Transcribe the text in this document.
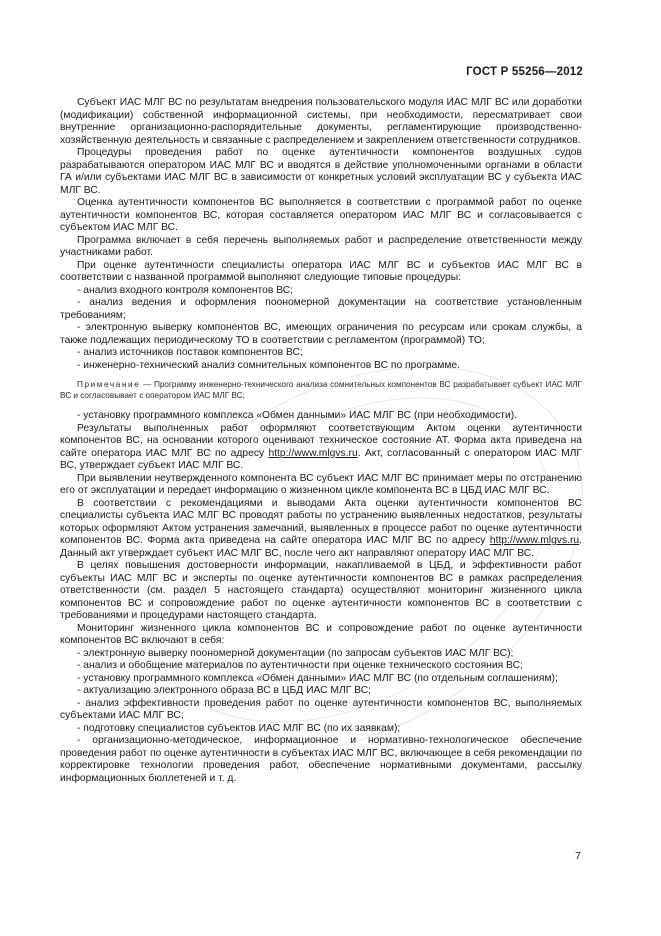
ГОСТ Р 55256—2012

Субъект ИАС МЛГ ВС по результатам внедрения пользовательского модуля ИАС МЛГ ВС или доработки (модификации) собственной информационной системы, при необходимости, пересматривает свои внутренние организационно-распорядительные документы, регламентирующие производственно-хозяйственную деятельность и связанные с распределением и закреплением ответственности сотрудников.

Процедуры проведения работ по оценке аутентичности компонентов воздушных судов разрабатываются оператором ИАС МЛГ ВС и вводятся в действие уполномоченными органами в области ГА и/или субъектами ИАС МЛГ ВС в зависимости от конкретных условий эксплуатации ВС у субъекта ИАС МЛГ ВС.

Оценка аутентичности компонентов ВС выполняется в соответствии с программой работ по оценке аутентичности компонентов ВС, которая составляется оператором ИАС МЛГ ВС и согласовывается с субъектом ИАС МЛГ ВС.

Программа включает в себя перечень выполняемых работ и распределение ответственности между участниками работ.

При оценке аутентичности специалисты оператора ИАС МЛГ ВС и субъектов ИАС МЛГ ВС в соответствии с названной программой выполняют следующие типовые процедуры:

- анализ входного контроля компонентов ВС;

- анализ ведения и оформления поономерной документации на соответствие установленным требованиям;

- электронную выверку компонентов ВС, имеющих ограничения по ресурсам или срокам службы, а также подлежащих периодическому ТО в соответствии с регламентом (программой) ТО;

- анализ источников поставок компонентов ВС;

- инженерно-технический анализ сомнительных компонентов ВС по программе.

Примечание — Программу инженерно-технического анализа сомнительных компонентов ВС разрабатывает субъект ИАС МЛГ ВС и согласовывает с оператором ИАС МЛГ ВС;

- установку программного комплекса «Обмен данными» ИАС МЛГ ВС (при необходимости).

Результаты выполненных работ оформляют соответствующим Актом оценки аутентичности компонентов ВС, на основании которого оценивают техническое состояние АТ. Форма акта приведена на сайте оператора ИАС МЛГ ВС по адресу http://www.mlgvs.ru. Акт, согласованный с оператором ИАС МЛГ ВС, утверждает субъект ИАС МЛГ ВС.

При выявлении неутвержденного компонента ВС субъект ИАС МЛГ ВС принимает меры по отстранению его от эксплуатации и передает информацию о жизненном цикле компонента ВС в ЦБД ИАС МЛГ ВС.

В соответствии с рекомендациями и выводами Акта оценки аутентичности компонентов ВС специалисты субъекта ИАС МЛГ ВС проводят работы по устранению выявленных недостатков, результаты которых оформляют Актом устранения замечаний, выявленных в процессе работ по оценке аутентичности компонентов ВС. Форма акта приведена на сайте оператора ИАС МЛГ ВС по адресу http://www.mlgvs.ru. Данный акт утверждает субъект ИАС МЛГ ВС, после чего акт направляют оператору ИАС МЛГ ВС.

В целях повышения достоверности информации, накапливаемой в ЦБД, и эффективности работ субъекты ИАС МЛГ ВС и эксперты по оценке аутентичности компонентов ВС в рамках распределения ответственности (см. раздел 5 настоящего стандарта) осуществляют мониторинг жизненного цикла компонентов ВС и сопровождение работ по оценке аутентичности компонентов ВС в соответствии с требованиями и процедурами настоящего стандарта.

Мониторинг жизненного цикла компонентов ВС и сопровождение работ по оценке аутентичности компонентов ВС включают в себя:

- электронную выверку поономерной документации (по запросам субъектов ИАС МЛГ ВС);

- анализ и обобщение материалов по аутентичности при оценке технического состояния ВС;

- установку программного комплекса «Обмен данными» ИАС МЛГ ВС (по отдельным соглашениям);

- актуализацию электронного образа ВС в ЦБД ИАС МЛГ ВС;

- анализ эффективности проведения работ по оценке аутентичности компонентов ВС, выполняемых субъектами ИАС МЛГ ВС;

- подготовку специалистов субъектов ИАС МЛГ ВС (по их заявкам);

- организационно-методическое, информационное и нормативно-технологическое обеспечение проведения работ по оценке аутентичности в субъектах ИАС МЛГ ВС, включающее в себя рекомендации по корректировке технологии проведения работ, обеспечение нормативными документами, рассылку информационных бюллетеней и т. д.

7
